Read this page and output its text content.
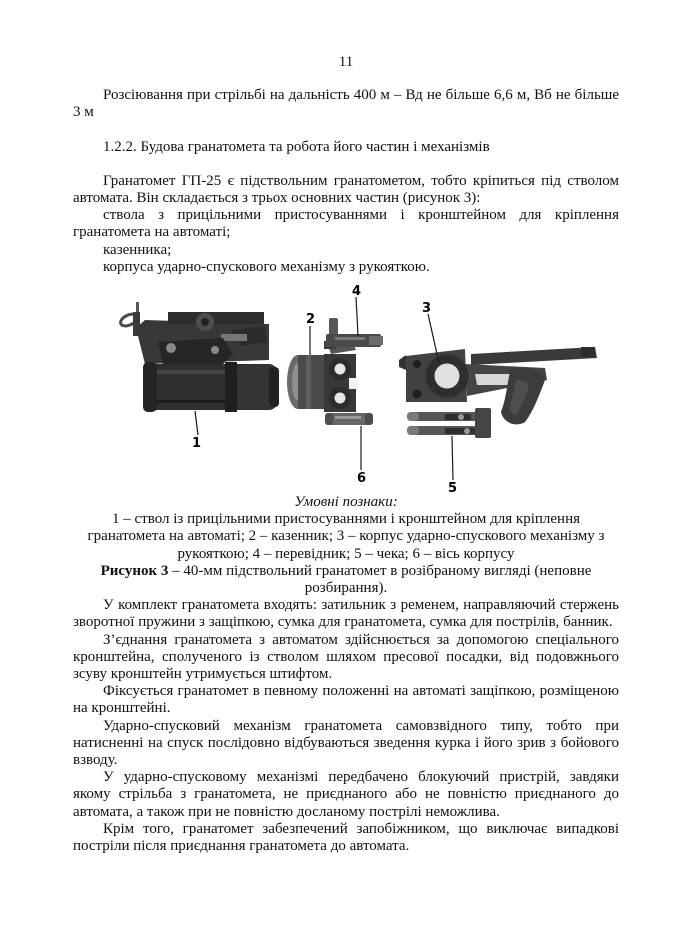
11

Розсіювання при стрільбі на дальність 400 м – Вд не більше 6,6 м, Вб не більше 3 м

1.2.2. Будова гранатомета та робота його частин і механізмів

Гранатомет ГП-25 є підствольним гранатометом, тобто кріпиться під стволом автомата. Він складається з трьох основних частин (рисунок 3):

ствола з прицільними пристосуваннями і кронштейном для кріплення гранатомета на автоматі;

казенника;

корпуса ударно-спускового механізму з рукояткою.

1
2
4
6
3
5

Умовні познаки:

1 – ствол із прицільними пристосуваннями і кронштейном для кріплення гранатомета на автоматі; 2 – казенник; 3 – корпус ударно-спускового механізму з рукояткою; 4 – перевідник; 5 – чека; 6 – вісь корпусу

Рисунок 3 – 40-мм підствольний гранатомет в розібраному вигляді (неповне розбирання).

У комплект гранатомета входять: затильник з ременем, направляючий стержень зворотної пружини з защіпкою, сумка для гранатомета, сумка для пострілів, банник.

З’єднання гранатомета з автоматом здійснюється за допомогою спеціального кронштейна, сполученого із стволом шляхом пресової посадки, від подовжнього зсуву кронштейн утримується штифтом.

Фіксується гранатомет в певному положенні на автоматі защіпкою, розміщеною на кронштейні.

Ударно-спусковий механізм гранатомета самовзвідного типу, тобто при натисненні на спуск послідовно відбуваються зведення курка і його зрив з бойового взводу.

У ударно-спусковому механізмі передбачено блокуючий пристрій, завдяки якому стрільба з гранатомета, не приєднаного або не повністю приєднаного до автомата, а також при не повністю досланому пострілі неможлива.

Крім того, гранатомет забезпечений запобіжником, що виключає випадкові постріли після приєднання гранатомета до автомата.
